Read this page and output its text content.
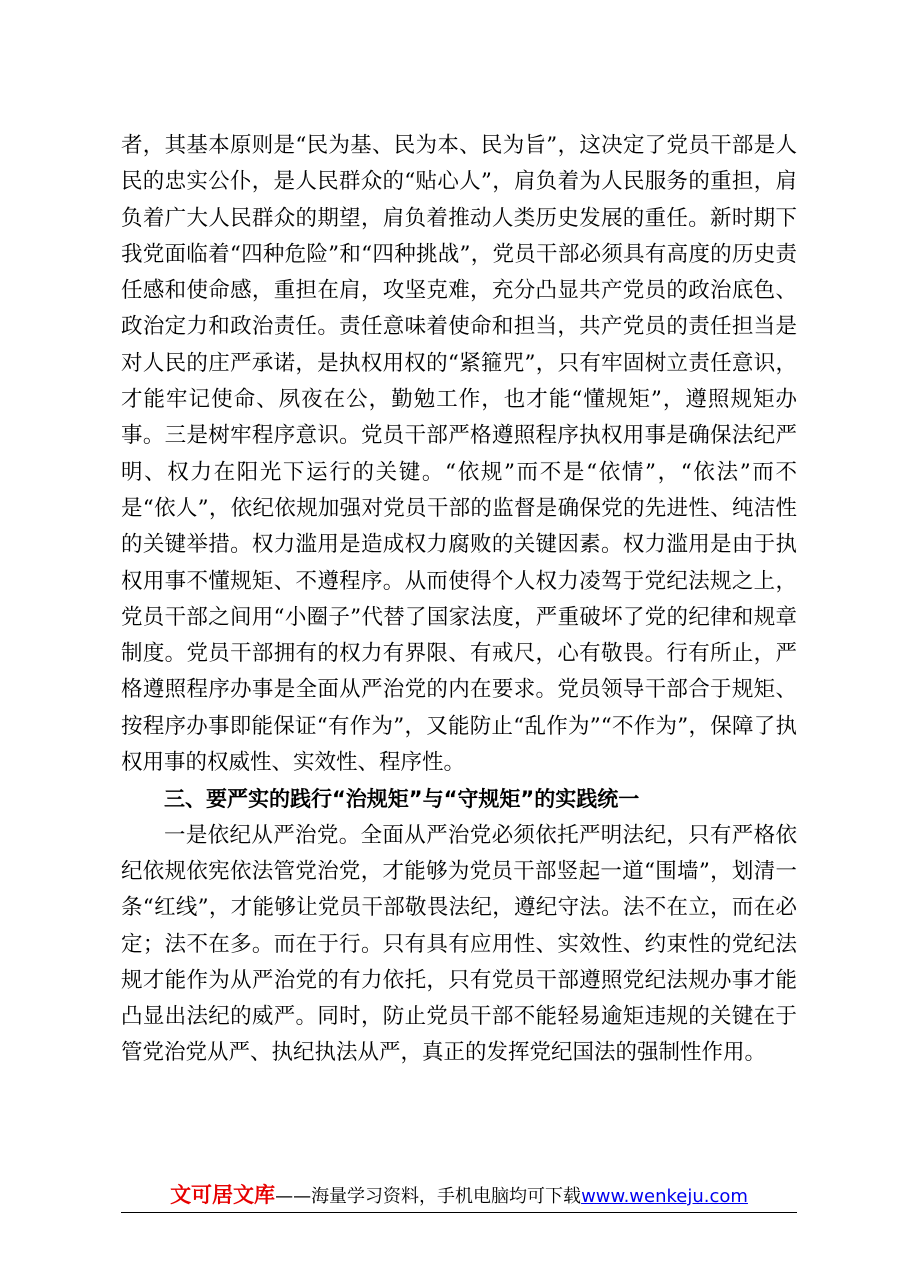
者，其基本原则是“民为基、民为本、民为旨”，这决定了党员干部是人民的忠实公仆，是人民群众的“贴心人”，肩负着为人民服务的重担，肩负着广大人民群众的期望，肩负着推动人类历史发展的重任。新时期下我党面临着“四种危险”和“四种挑战”，党员干部必须具有高度的历史责任感和使命感，重担在肩，攻坚克难，充分凸显共产党员的政治底色、政治定力和政治责任。责任意味着使命和担当，共产党员的责任担当是对人民的庄严承诺，是执权用权的“紧箍咒”，只有牢固树立责任意识，才能牢记使命、夙夜在公，勤勉工作，也才能“懂规矩”，遵照规矩办事。三是树牢程序意识。党员干部严格遵照程序执权用事是确保法纪严明、权力在阳光下运行的关键。“依规”而不是“依情”，“依法”而不是“依人”，依纪依规加强对党员干部的监督是确保党的先进性、纯洁性的关键举措。权力滥用是造成权力腐败的关键因素。权力滥用是由于执权用事不懂规矩、不遵程序。从而使得个人权力凌驾于党纪法规之上，党员干部之间用“小圈子”代替了国家法度，严重破坏了党的纪律和规章制度。党员干部拥有的权力有界限、有戒尺，心有敬畏。行有所止，严格遵照程序办事是全面从严治党的内在要求。党员领导干部合于规矩、按程序办事即能保证“有作为”，又能防止“乱作为”“不作为”，保障了执权用事的权威性、实效性、程序性。

三、要严实的践行“治规矩”与“守规矩”的实践统一

一是依纪从严治党。全面从严治党必须依托严明法纪，只有严格依纪依规依宪依法管党治党，才能够为党员干部竖起一道“围墙”，划清一条“红线”，才能够让党员干部敬畏法纪，遵纪守法。法不在立，而在必定；法不在多。而在于行。只有具有应用性、实效性、约束性的党纪法规才能作为从严治党的有力依托，只有党员干部遵照党纪法规办事才能凸显出法纪的威严。同时，防止党员干部不能轻易逾矩违规的关键在于管党治党从严、执纪执法从严，真正的发挥党纪国法的强制性作用。

文可居文库——海量学习资料，手机电脑均可下载www.wenkeju.com
